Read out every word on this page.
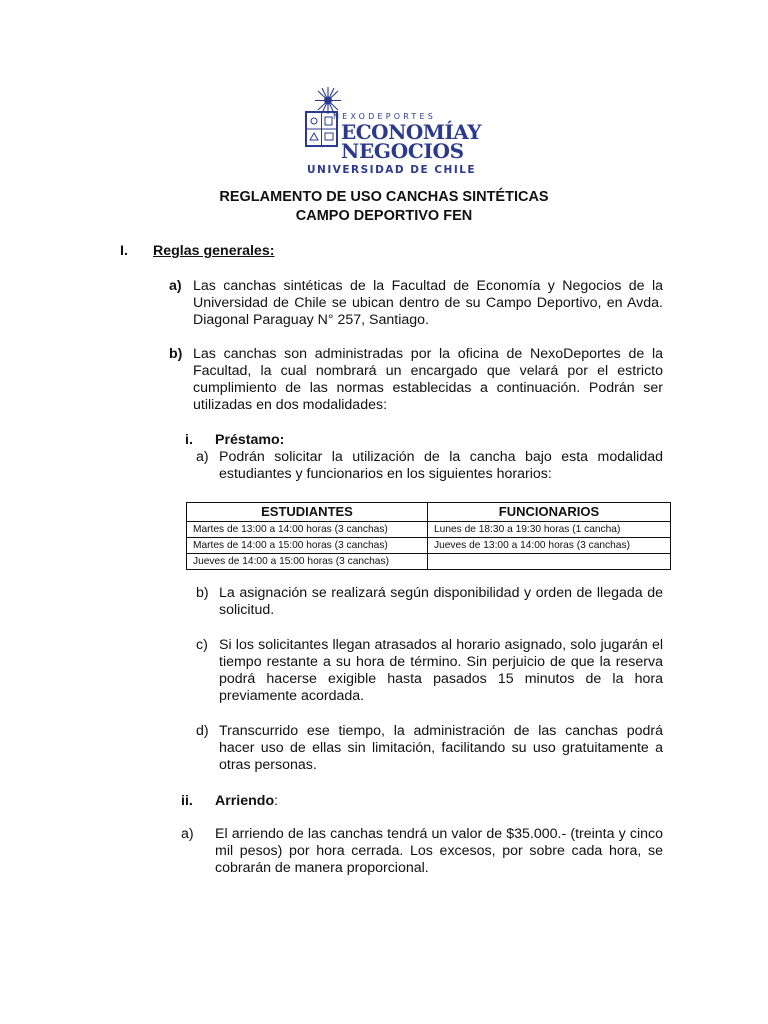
NEXODEPORTES
ECONOMÍAY
NEGOCIOS
UNIVERSIDAD DE CHILE
REGLAMENTO DE USO CANCHAS SINTÉTICAS
CAMPO DEPORTIVO FEN
I. Reglas generales:
a) Las canchas sintéticas de la Facultad de Economía y Negocios de la Universidad de Chile se ubican dentro de su Campo Deportivo, en Avda. Diagonal Paraguay N° 257, Santiago.
b) Las canchas son administradas por la oficina de NexoDeportes de la Facultad, la cual nombrará un encargado que velará por el estricto cumplimiento de las normas establecidas a continuación. Podrán ser utilizadas en dos modalidades:
i. Préstamo:
a) Podrán solicitar la utilización de la cancha bajo esta modalidad estudiantes y funcionarios en los siguientes horarios:
ESTUDIANTES	FUNCIONARIOS
Martes de 13:00 a 14:00 horas (3 canchas)	Lunes de 18:30 a 19:30 horas (1 cancha)
Martes de 14:00 a 15:00 horas (3 canchas)	Jueves de 13:00 a 14:00 horas (3 canchas)
Jueves de 14:00 a 15:00 horas (3 canchas)	
b) La asignación se realizará según disponibilidad y orden de llegada de solicitud.
c) Si los solicitantes llegan atrasados al horario asignado, solo jugarán el tiempo restante a su hora de término. Sin perjuicio de que la reserva podrá hacerse exigible hasta pasados 15 minutos de la hora previamente acordada.
d) Transcurrido ese tiempo, la administración de las canchas podrá hacer uso de ellas sin limitación, facilitando su uso gratuitamente a otras personas.
ii. Arriendo:
a) El arriendo de las canchas tendrá un valor de $35.000.- (treinta y cinco mil pesos) por hora cerrada. Los excesos, por sobre cada hora, se cobrarán de manera proporcional.
